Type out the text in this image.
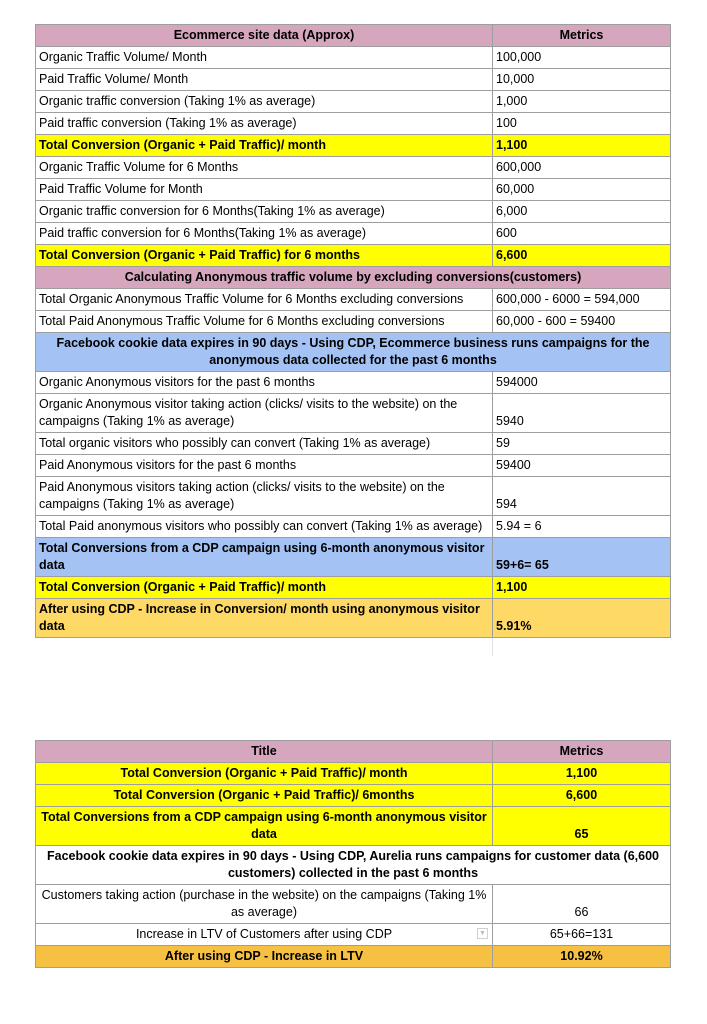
Ecommerce site data (Approx)	Metrics
Organic Traffic Volume/ Month	100,000
Paid Traffic Volume/ Month	10,000
Organic traffic conversion (Taking 1% as average)	1,000
Paid traffic conversion (Taking 1% as average)	100
Total Conversion (Organic + Paid Traffic)/ month	1,100
Organic Traffic Volume for 6 Months	600,000
Paid Traffic Volume for Month	60,000
Organic traffic conversion for 6 Months(Taking 1% as average)	6,000
Paid traffic conversion for 6 Months(Taking 1% as average)	600
Total Conversion (Organic + Paid Traffic) for 6 months	6,600
Calculating Anonymous traffic volume by excluding conversions(customers)	
Total Organic Anonymous Traffic Volume for 6 Months excluding conversions	600,000 - 6000 = 594,000
Total Paid Anonymous Traffic Volume for 6 Months excluding conversions	60,000 - 600 = 59400
Facebook cookie data expires in 90 days - Using CDP, Ecommerce business runs campaigns for the anonymous data collected for the past 6 months	
Organic Anonymous visitors for the past 6 months	594000
Organic Anonymous visitor taking action (clicks/ visits to the website) on the campaigns (Taking 1% as average)	5940
Total organic visitors who possibly can convert (Taking 1% as average)	59
Paid Anonymous visitors for the past 6 months	59400
Paid Anonymous visitors taking action (clicks/ visits to the website) on the campaigns (Taking 1% as average)	594
Total Paid anonymous visitors who possibly can convert (Taking 1% as average)	5.94 = 6
Total Conversions from a CDP campaign using 6-month anonymous visitor data	59+6= 65
Total Conversion (Organic + Paid Traffic)/ month	1,100
After using CDP - Increase in Conversion/ month using anonymous visitor data	5.91%

Title	Metrics
Total Conversion (Organic + Paid Traffic)/ month	1,100
Total Conversion (Organic + Paid Traffic)/ 6months	6,600
Total Conversions from a CDP campaign using 6-month anonymous visitor data	65
Facebook cookie data expires in 90 days - Using CDP, Aurelia runs campaigns for customer data (6,600 customers) collected in the past 6 months	
Customers taking action (purchase in the website) on the campaigns (Taking 1% as average)	66
Increase in LTV of Customers after using CDP ▼	65+66=131
After using CDP - Increase in LTV	10.92%
